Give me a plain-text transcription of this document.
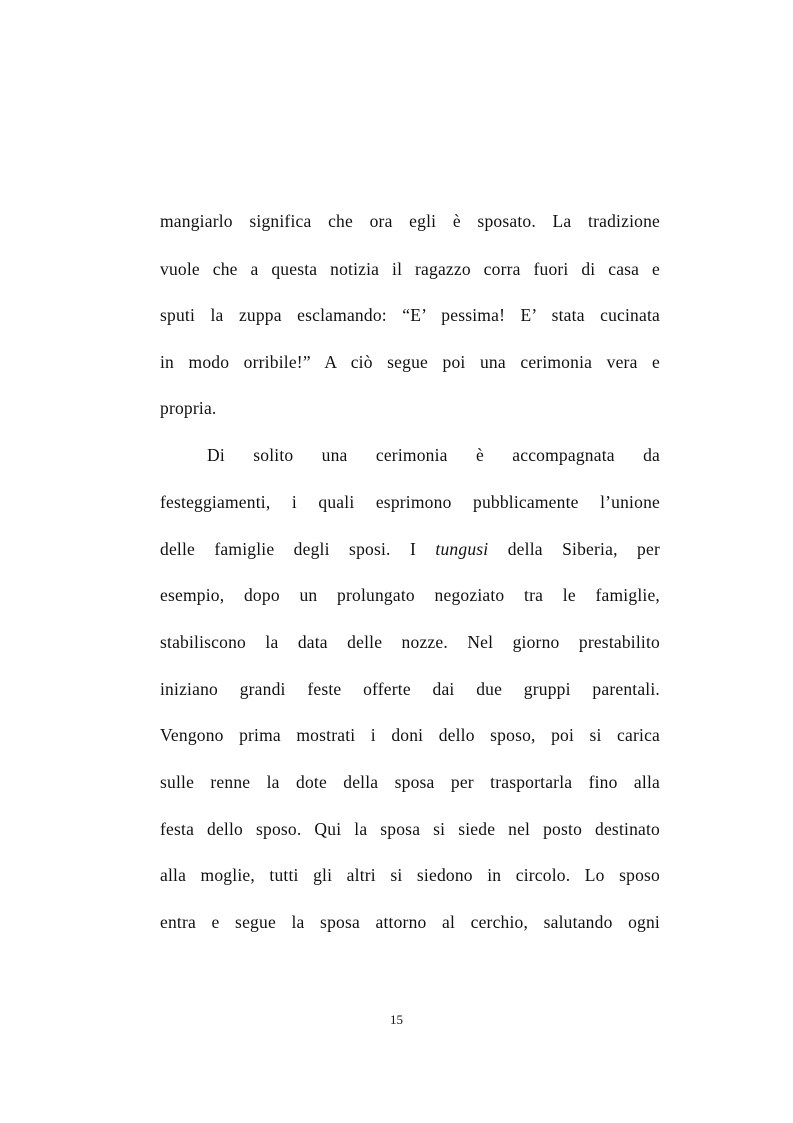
mangiarlo significa che ora egli è sposato. La tradizione
vuole che a questa notizia il ragazzo corra fuori di casa e
sputi la zuppa esclamando: “E’ pessima! E’ stata cucinata
in modo orribile!” A ciò segue poi una cerimonia vera e
propria.
Di solito una cerimonia è accompagnata da
festeggiamenti, i quali esprimono pubblicamente l’unione
delle famiglie degli sposi. I tungusi della Siberia, per
esempio, dopo un prolungato negoziato tra le famiglie,
stabiliscono la data delle nozze. Nel giorno prestabilito
iniziano grandi feste offerte dai due gruppi parentali.
Vengono prima mostrati i doni dello sposo, poi si carica
sulle renne la dote della sposa per trasportarla fino alla
festa dello sposo. Qui la sposa si siede nel posto destinato
alla moglie, tutti gli altri si siedono in circolo. Lo sposo
entra e segue la sposa attorno al cerchio, salutando ogni
15
